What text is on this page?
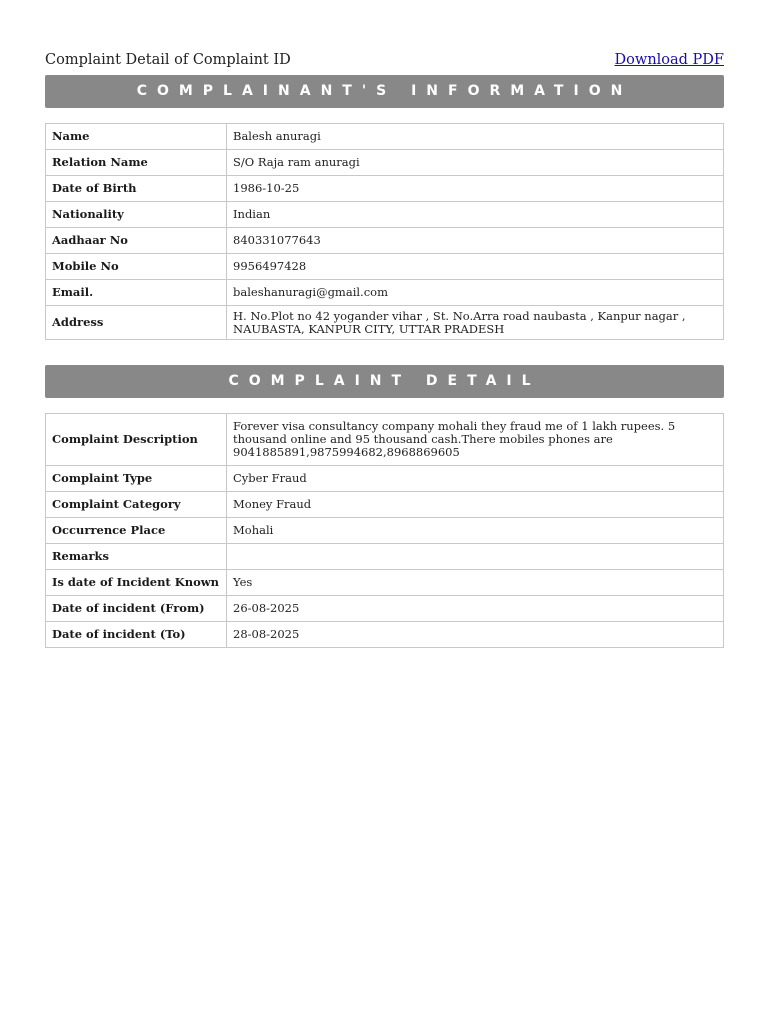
Complaint Detail of Complaint ID	Download PDF
COMPLAINANT'S INFORMATION
Name	Balesh anuragi
Relation Name	S/O Raja ram anuragi
Date of Birth	1986-10-25
Nationality	Indian
Aadhaar No	840331077643
Mobile No	9956497428
Email.	baleshanuragi@gmail.com
Address	H. No.Plot no 42 yogander vihar , St. No.Arra road naubasta , Kanpur nagar , NAUBASTA, KANPUR CITY, UTTAR PRADESH
COMPLAINT DETAIL
Complaint Description	Forever visa consultancy company mohali they fraud me of 1 lakh rupees. 5 thousand online and 95 thousand cash.There mobiles phones are 9041885891,9875994682,8968869605
Complaint Type	Cyber Fraud
Complaint Category	Money Fraud
Occurrence Place	Mohali
Remarks	
Is date of Incident Known	Yes
Date of incident (From)	26-08-2025
Date of incident (To)	28-08-2025
